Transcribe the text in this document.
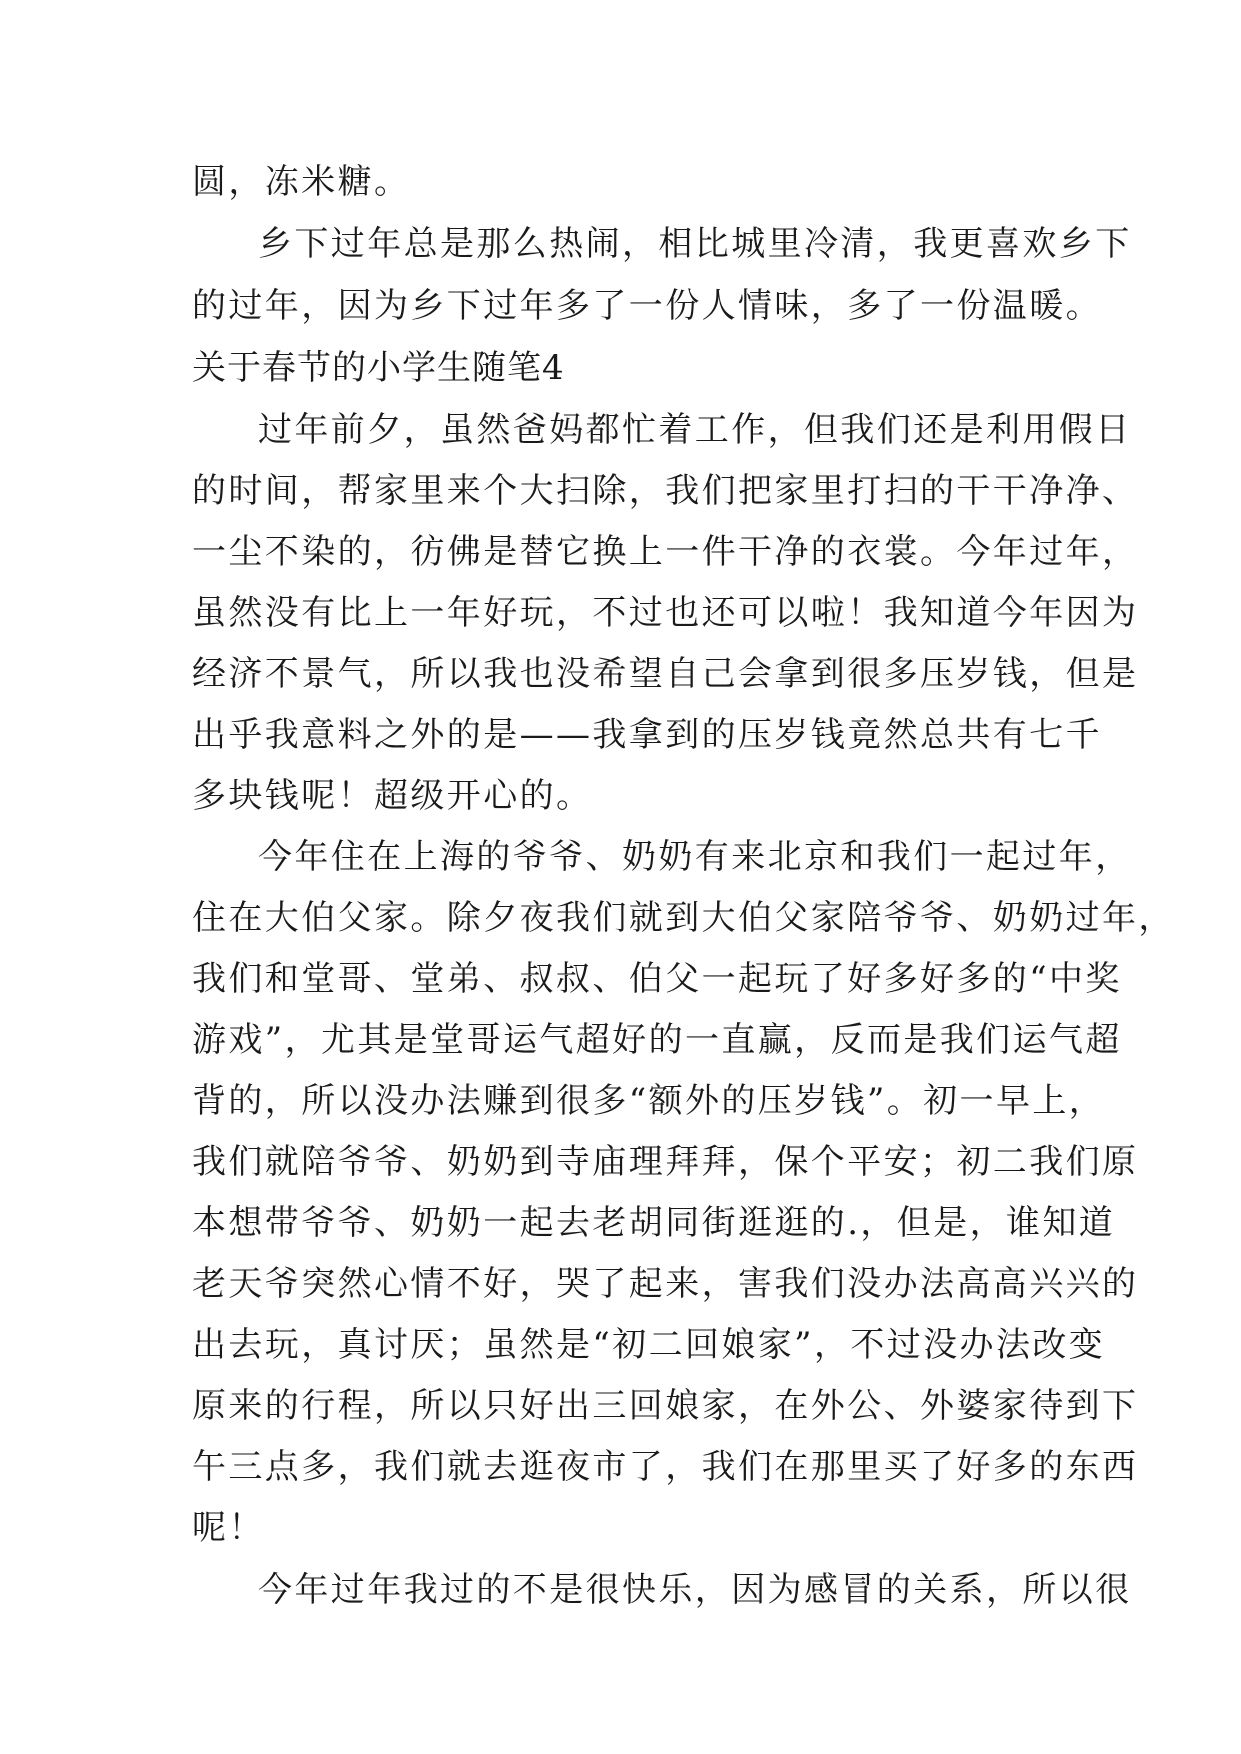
圆，冻米糖。

乡下过年总是那么热闹，相比城里冷清，我更喜欢乡下

的过年，因为乡下过年多了一份人情味，多了一份温暖。

关于春节的小学生随笔4

过年前夕，虽然爸妈都忙着工作，但我们还是利用假日

的时间，帮家里来个大扫除，我们把家里打扫的干干净净、

一尘不染的，彷佛是替它换上一件干净的衣裳。今年过年，

虽然没有比上一年好玩，不过也还可以啦！我知道今年因为

经济不景气，所以我也没希望自己会拿到很多压岁钱，但是

出乎我意料之外的是——我拿到的压岁钱竟然总共有七千

多块钱呢！超级开心的。

今年住在上海的爷爷、奶奶有来北京和我们一起过年，

住在大伯父家。除夕夜我们就到大伯父家陪爷爷、奶奶过年，

我们和堂哥、堂弟、叔叔、伯父一起玩了好多好多的“中奖

游戏”，尤其是堂哥运气超好的一直赢，反而是我们运气超

背的，所以没办法赚到很多“额外的压岁钱”。初一早上，

我们就陪爷爷、奶奶到寺庙理拜拜，保个平安；初二我们原

本想带爷爷、奶奶一起去老胡同街逛逛的.，但是，谁知道

老天爷突然心情不好，哭了起来，害我们没办法高高兴兴的

出去玩，真讨厌；虽然是“初二回娘家”，不过没办法改变

原来的行程，所以只好出三回娘家，在外公、外婆家待到下

午三点多，我们就去逛夜市了，我们在那里买了好多的东西

呢！

今年过年我过的不是很快乐，因为感冒的关系，所以很
